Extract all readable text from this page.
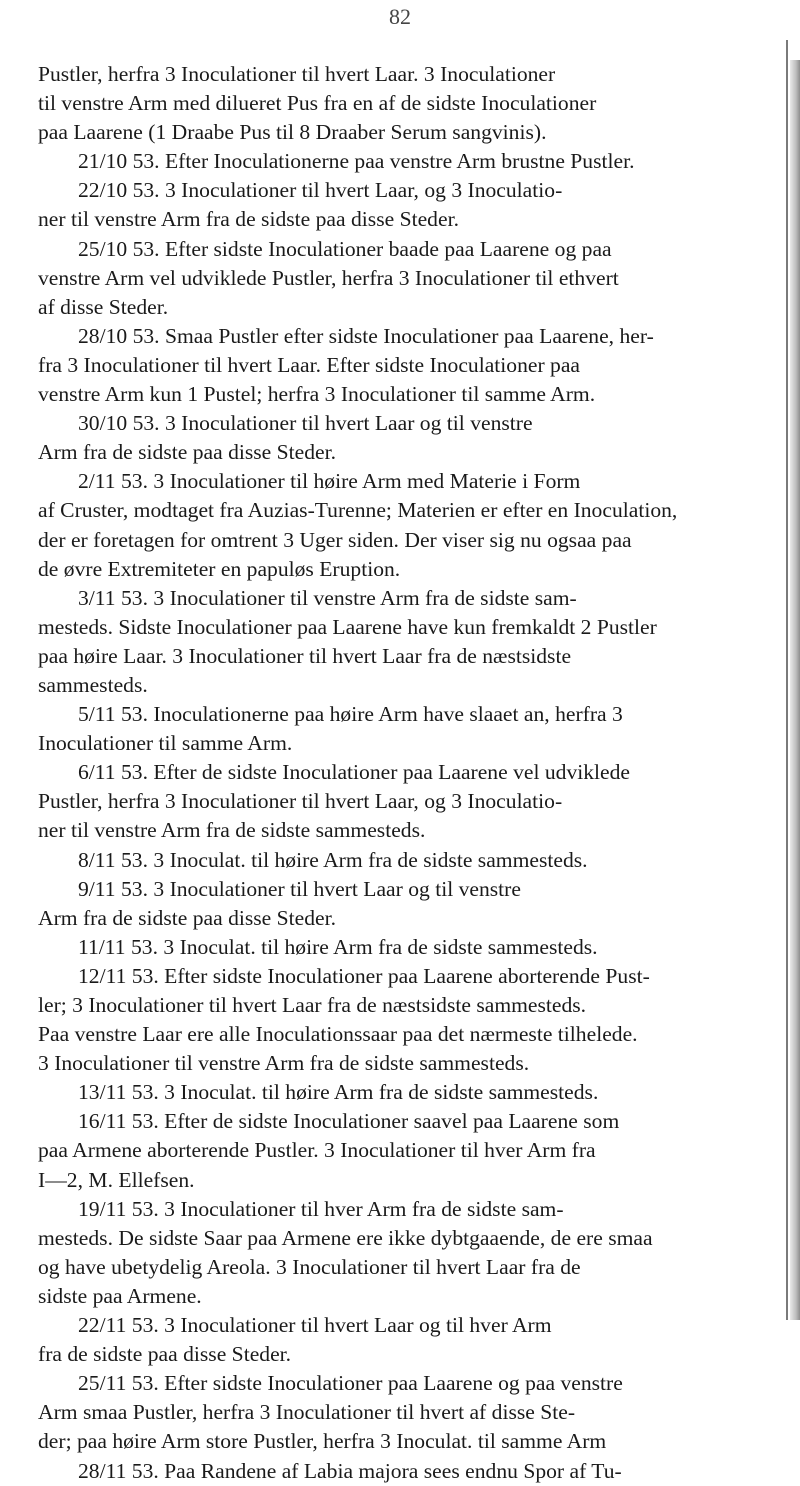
82
Pustler, herfra 3 Inoculationer til hvert Laar. 3 Inoculationer
til venstre Arm med dilueret Pus fra en af de sidste Inoculationer
paa Laarene (1 Draabe Pus til 8 Draaber Serum sangvinis).
21/10 53. Efter Inoculationerne paa venstre Arm brustne Pustler.
22/10 53. 3 Inoculationer til hvert Laar, og 3 Inoculatio-
ner til venstre Arm fra de sidste paa disse Steder.
25/10 53. Efter sidste Inoculationer baade paa Laarene og paa
venstre Arm vel udviklede Pustler, herfra 3 Inoculationer til ethvert
af disse Steder.
28/10 53. Smaa Pustler efter sidste Inoculationer paa Laarene, her-
fra 3 Inoculationer til hvert Laar. Efter sidste Inoculationer paa
venstre Arm kun 1 Pustel; herfra 3 Inoculationer til samme Arm.
30/10 53. 3 Inoculationer til hvert Laar og til venstre
Arm fra de sidste paa disse Steder.
2/11 53. 3 Inoculationer til høire Arm med Materie i Form
af Cruster, modtaget fra Auzias-Turenne; Materien er efter en Inoculation,
der er foretagen for omtrent 3 Uger siden. Der viser sig nu ogsaa paa
de øvre Extremiteter en papuløs Eruption.
3/11 53. 3 Inoculationer til venstre Arm fra de sidste sam-
mesteds. Sidste Inoculationer paa Laarene have kun fremkaldt 2 Pustler
paa høire Laar. 3 Inoculationer til hvert Laar fra de næstsidste
sammesteds.
5/11 53. Inoculationerne paa høire Arm have slaaet an, herfra 3
Inoculationer til samme Arm.
6/11 53. Efter de sidste Inoculationer paa Laarene vel udviklede
Pustler, herfra 3 Inoculationer til hvert Laar, og 3 Inoculatio-
ner til venstre Arm fra de sidste sammesteds.
8/11 53. 3 Inoculat. til høire Arm fra de sidste sammesteds.
9/11 53. 3 Inoculationer til hvert Laar og til venstre
Arm fra de sidste paa disse Steder.
11/11 53. 3 Inoculat. til høire Arm fra de sidste sammesteds.
12/11 53. Efter sidste Inoculationer paa Laarene aborterende Pust-
ler; 3 Inoculationer til hvert Laar fra de næstsidste sammesteds.
Paa venstre Laar ere alle Inoculationssaar paa det nærmeste tilhelede.
3 Inoculationer til venstre Arm fra de sidste sammesteds.
13/11 53. 3 Inoculat. til høire Arm fra de sidste sammesteds.
16/11 53. Efter de sidste Inoculationer saavel paa Laarene som
paa Armene aborterende Pustler. 3 Inoculationer til hver Arm fra
I—2, M. Ellefsen.
19/11 53. 3 Inoculationer til hver Arm fra de sidste sam-
mesteds. De sidste Saar paa Armene ere ikke dybtgaaende, de ere smaa
og have ubetydelig Areola. 3 Inoculationer til hvert Laar fra de
sidste paa Armene.
22/11 53. 3 Inoculationer til hvert Laar og til hver Arm
fra de sidste paa disse Steder.
25/11 53. Efter sidste Inoculationer paa Laarene og paa venstre
Arm smaa Pustler, herfra 3 Inoculationer til hvert af disse Ste-
der; paa høire Arm store Pustler, herfra 3 Inoculat. til samme Arm
28/11 53. Paa Randene af Labia majora sees endnu Spor af Tu-
